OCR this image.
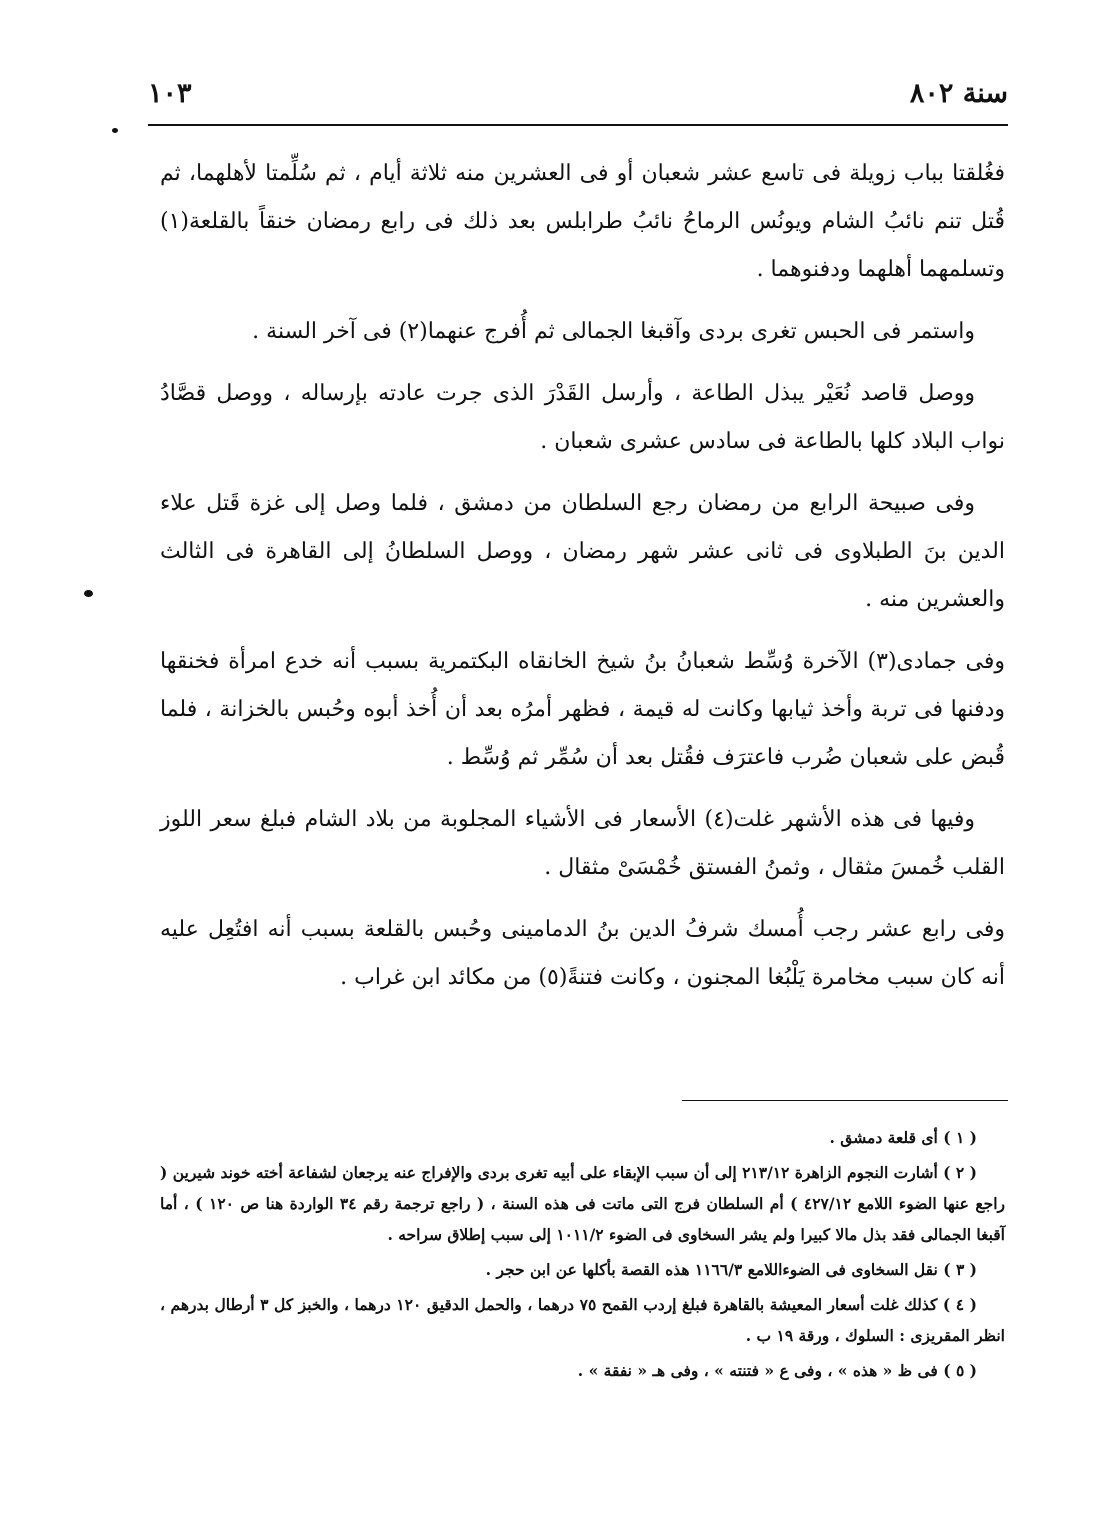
سنة ٨٠٢
١٠٣

فغُلقتا بباب زويلة فى تاسع عشر شعبان أو فى العشرين منه ثلاثة أيام ، ثم سُلِّمتا لأهلهما، ثم قُتل تنم نائبُ الشام ويونُس الرماحُ نائبُ طرابلس بعد ذلك فى رابع رمضان خنقاً بالقلعة(١) وتسلمهما أهلهما ودفنوهما .

واستمر فى الحبس تغرى بردى وآقبغا الجمالى ثم أُفرج عنهما(٢) فى آخر السنة .

ووصل قاصد نُعَيْر يبذل الطاعة ، وأرسل القَدْرَ الذى جرت عادته بإرساله ، ووصل قصَّادُ نواب البلاد كلها بالطاعة فى سادس عشرى شعبان .

وفى صبيحة الرابع من رمضان رجع السلطان من دمشق ، فلما وصل إلى غزة قَتل علاء الدين بنَ الطبلاوى فى ثانى عشر شهر رمضان ، ووصل السلطانُ إلى القاهرة فى الثالث والعشرين منه .

وفى جمادى(٣) الآخرة وُسِّط شعبانُ بنُ شيخ الخانقاه البكتمرية بسبب أنه خدع امرأة فخنقها ودفنها فى تربة وأخذ ثيابها وكانت له قيمة ، فظهر أمرُه بعد أن أُخذ أبوه وحُبس بالخزانة ، فلما قُبض على شعبان ضُرب فاعترَف فقُتل بعد أن سُمِّر ثم وُسِّط .

وفيها فى هذه الأشهر غلت(٤) الأسعار فى الأشياء المجلوبة من بلاد الشام فبلغ سعر اللوز القلب خُمسَ مثقال ، وثمنُ الفستق خُمْسَىْ مثقال .

وفى رابع عشر رجب أُمسك شرفُ الدين بنُ الدمامينى وحُبس بالقلعة بسبب أنه افتُعِل عليه أنه كان سبب مخامرة يَلْبُغا المجنون ، وكانت فتنةً(٥) من مكائد ابن غراب .

( ١ ) أى قلعة دمشق .

( ٢ ) أشارت النجوم الزاهرة ٢١٣/١٢ إلى أن سبب الإبقاء على أبيه تغرى بردى والإفراج عنه يرجعان لشفاعة أخته خوند شيرين ( راجع عنها الضوء اللامع ٤٢٧/١٢ ) أم السلطان فرج التى ماتت فى هذه السنة ، ( راجع ترجمة رقم ٣٤ الواردة هنا ص ١٢٠ ) ، أما آقبغا الجمالى فقد بذل مالا كبيرا ولم يشر السخاوى فى الضوء ١٠١١/٢ إلى سبب إطلاق سراحه .

( ٣ ) نقل السخاوى فى الضوءاللامع ١١٦٦/٣ هذه القصة بأكلها عن ابن حجر .

( ٤ ) كذلك غلت أسعار المعيشة بالقاهرة فبلغ إردب القمح ٧٥ درهما ، والحمل الدقيق ١٢٠ درهما ، والخبز كل ٣ أرطال بدرهم ، انظر المقريزى : السلوك ، ورقة ١٩ ب .

( ٥ ) فى ظ « هذه » ، وفى ع « فتنته » ، وفى هـ « نفقة » .
